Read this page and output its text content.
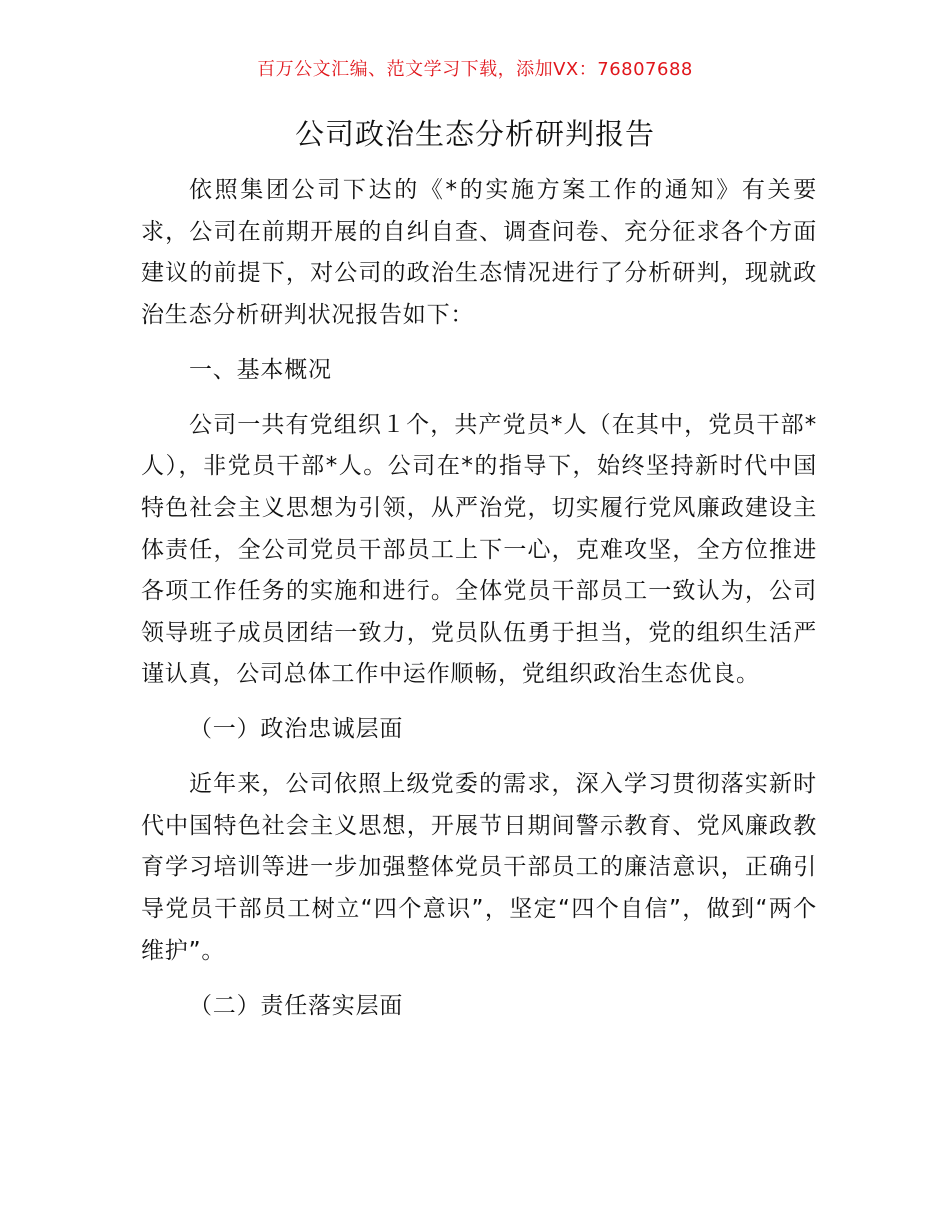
百万公文汇编、范文学习下载，添加VX：76807688
公司政治生态分析研判报告

依照集团公司下达的《*的实施方案工作的通知》有关要求，公司在前期开展的自纠自查、调查问卷、充分征求各个方面建议的前提下，对公司的政治生态情况进行了分析研判，现就政治生态分析研判状况报告如下：

一、基本概况

公司一共有党组织１个，共产党员*人（在其中，党员干部*人），非党员干部*人。公司在*的指导下，始终坚持新时代中国特色社会主义思想为引领，从严治党，切实履行党风廉政建设主体责任，全公司党员干部员工上下一心，克难攻坚，全方位推进各项工作任务的实施和进行。全体党员干部员工一致认为，公司领导班子成员团结一致力，党员队伍勇于担当，党的组织生活严谨认真，公司总体工作中运作顺畅，党组织政治生态优良。

（一）政治忠诚层面

近年来，公司依照上级党委的需求，深入学习贯彻落实新时代中国特色社会主义思想，开展节日期间警示教育、党风廉政教育学习培训等进一步加强整体党员干部员工的廉洁意识，正确引导党员干部员工树立“四个意识”，坚定“四个自信”，做到“两个维护”。

（二）责任落实层面
